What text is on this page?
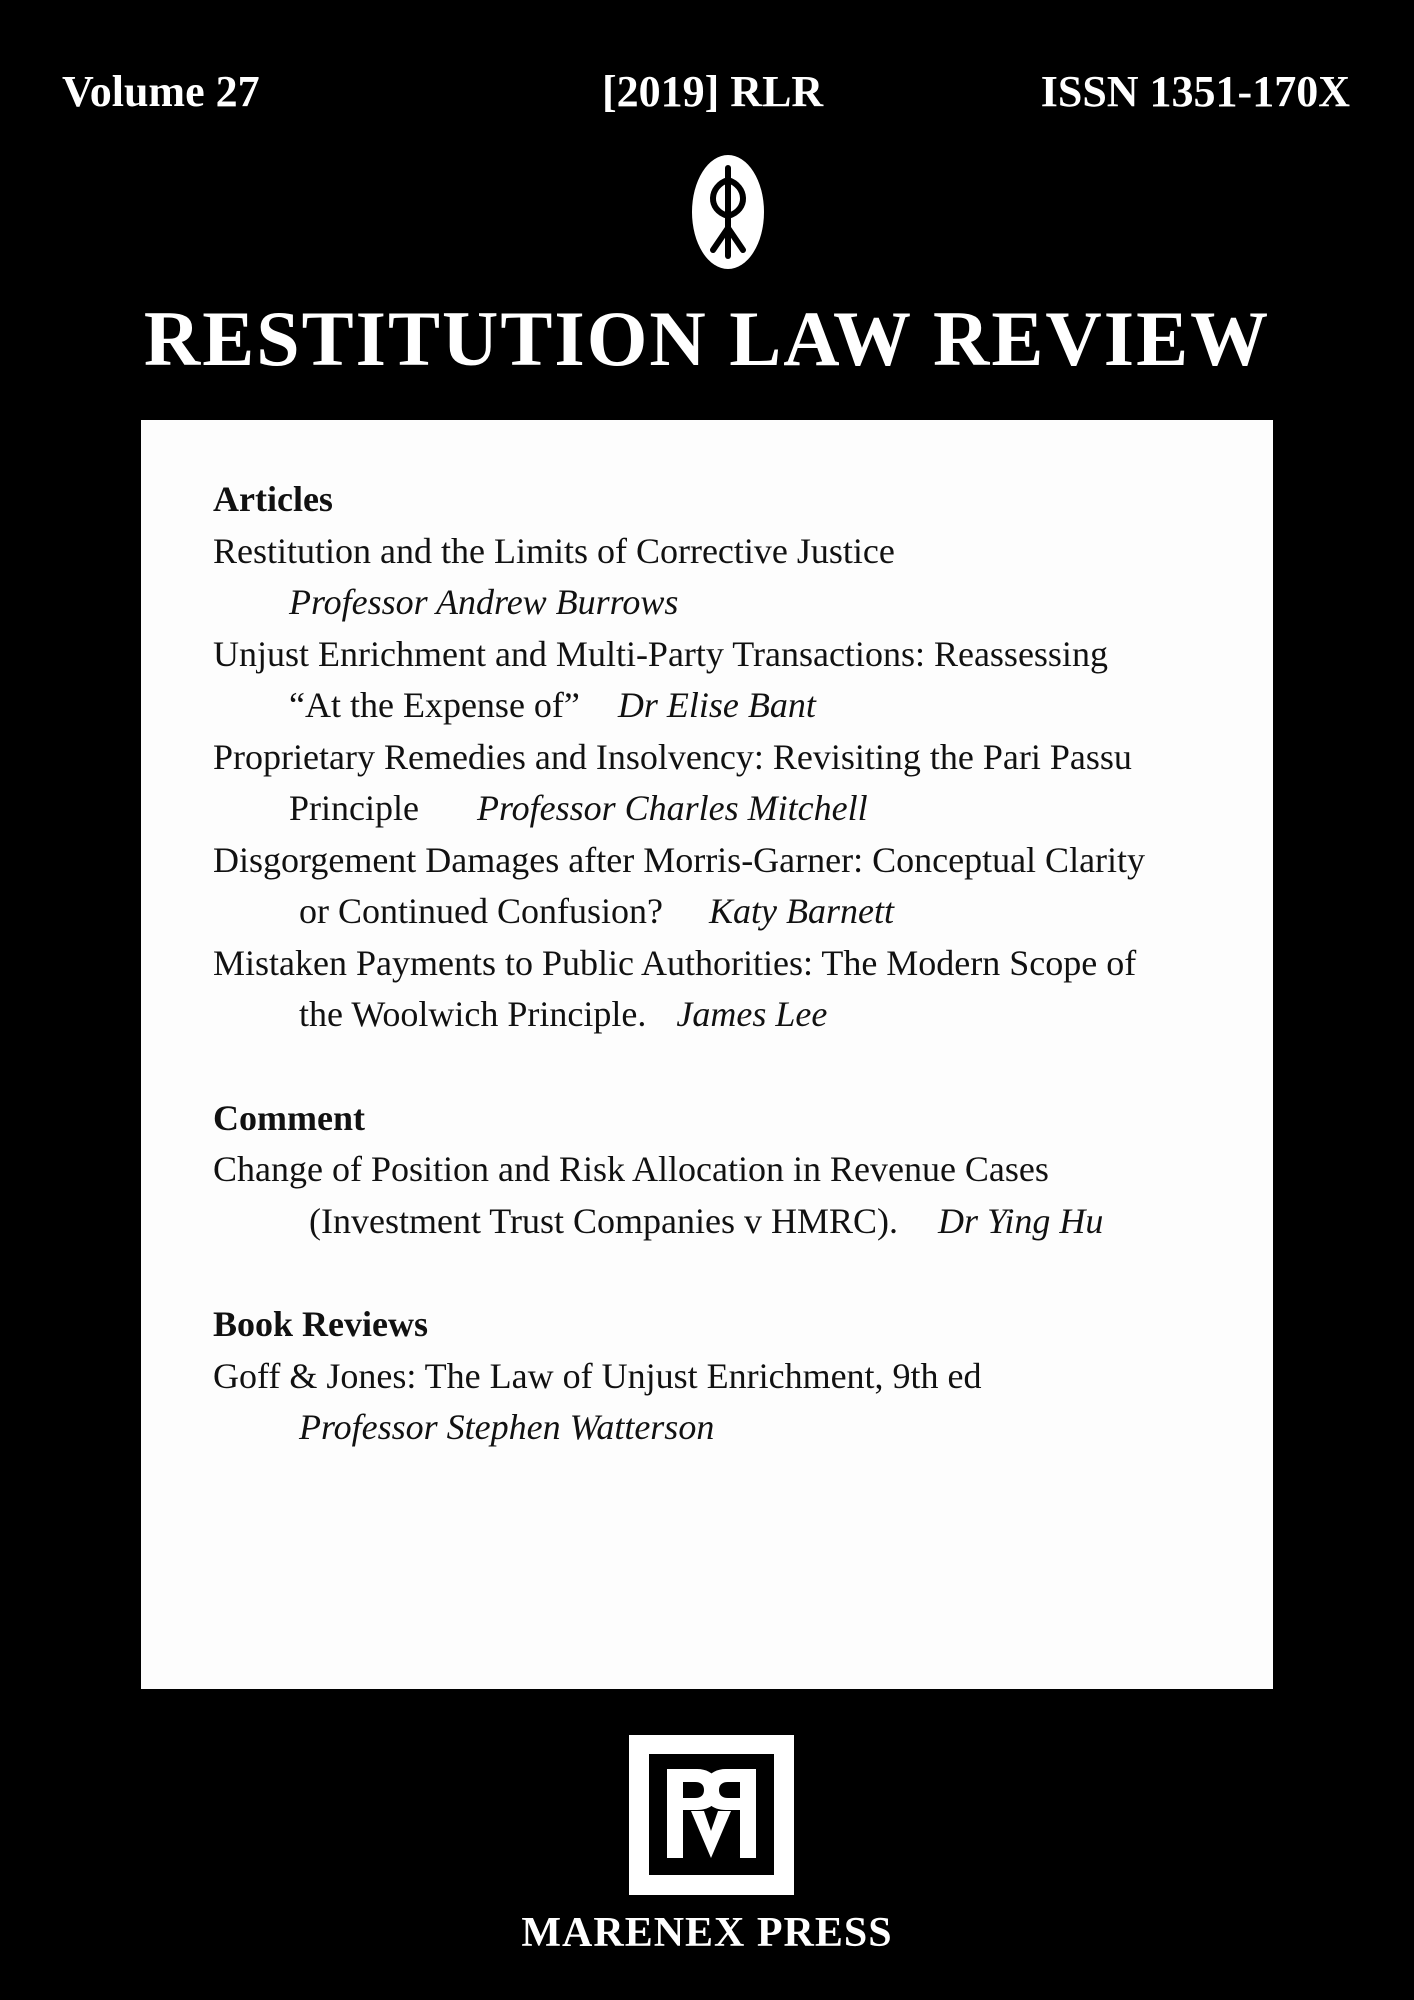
Volume 27	[2019] RLR	ISSN 1351-170X
RESTITUTION LAW REVIEW
Articles
Restitution and the Limits of Corrective Justice
Professor Andrew Burrows
Unjust Enrichment and Multi-Party Transactions: Reassessing
“At the Expense of” Dr Elise Bant
Proprietary Remedies and Insolvency: Revisiting the Pari Passu
Principle Professor Charles Mitchell
Disgorgement Damages after Morris-Garner: Conceptual Clarity
or Continued Confusion? Katy Barnett
Mistaken Payments to Public Authorities: The Modern Scope of
the Woolwich Principle. James Lee
Comment
Change of Position and Risk Allocation in Revenue Cases
(Investment Trust Companies v HMRC). Dr Ying Hu
Book Reviews
Goff & Jones: The Law of Unjust Enrichment, 9th ed
Professor Stephen Watterson
MARENEX PRESS
